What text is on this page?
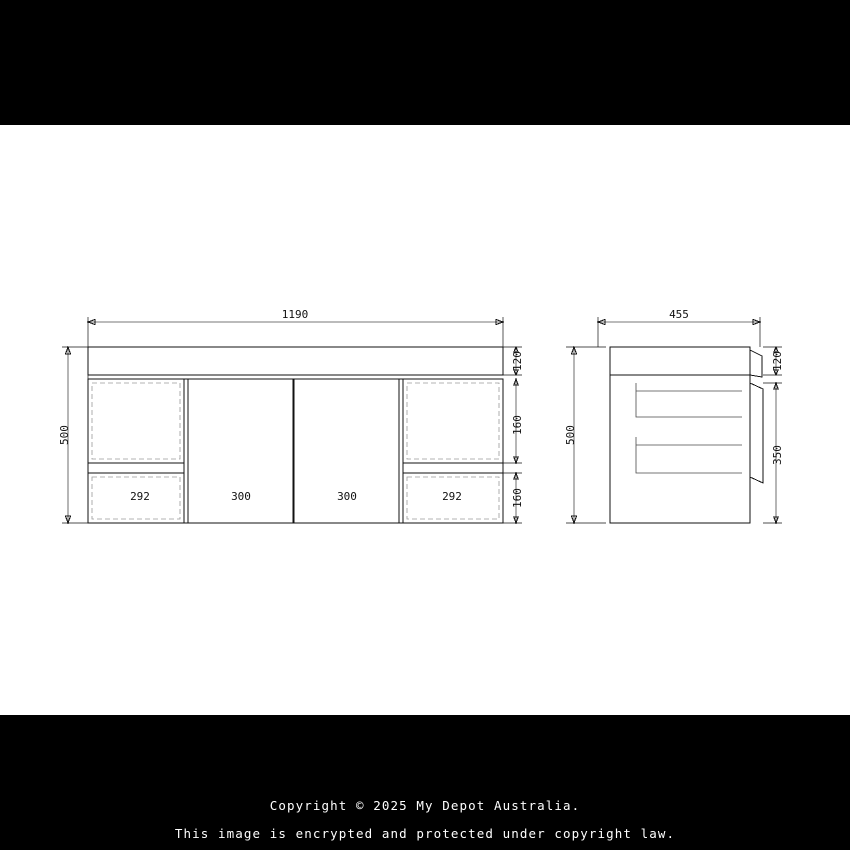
1190
500
292	300	300	292
120
160
160
455
500
120
350
Copyright © 2025 My Depot Australia.
This image is encrypted and protected under copyright law.
